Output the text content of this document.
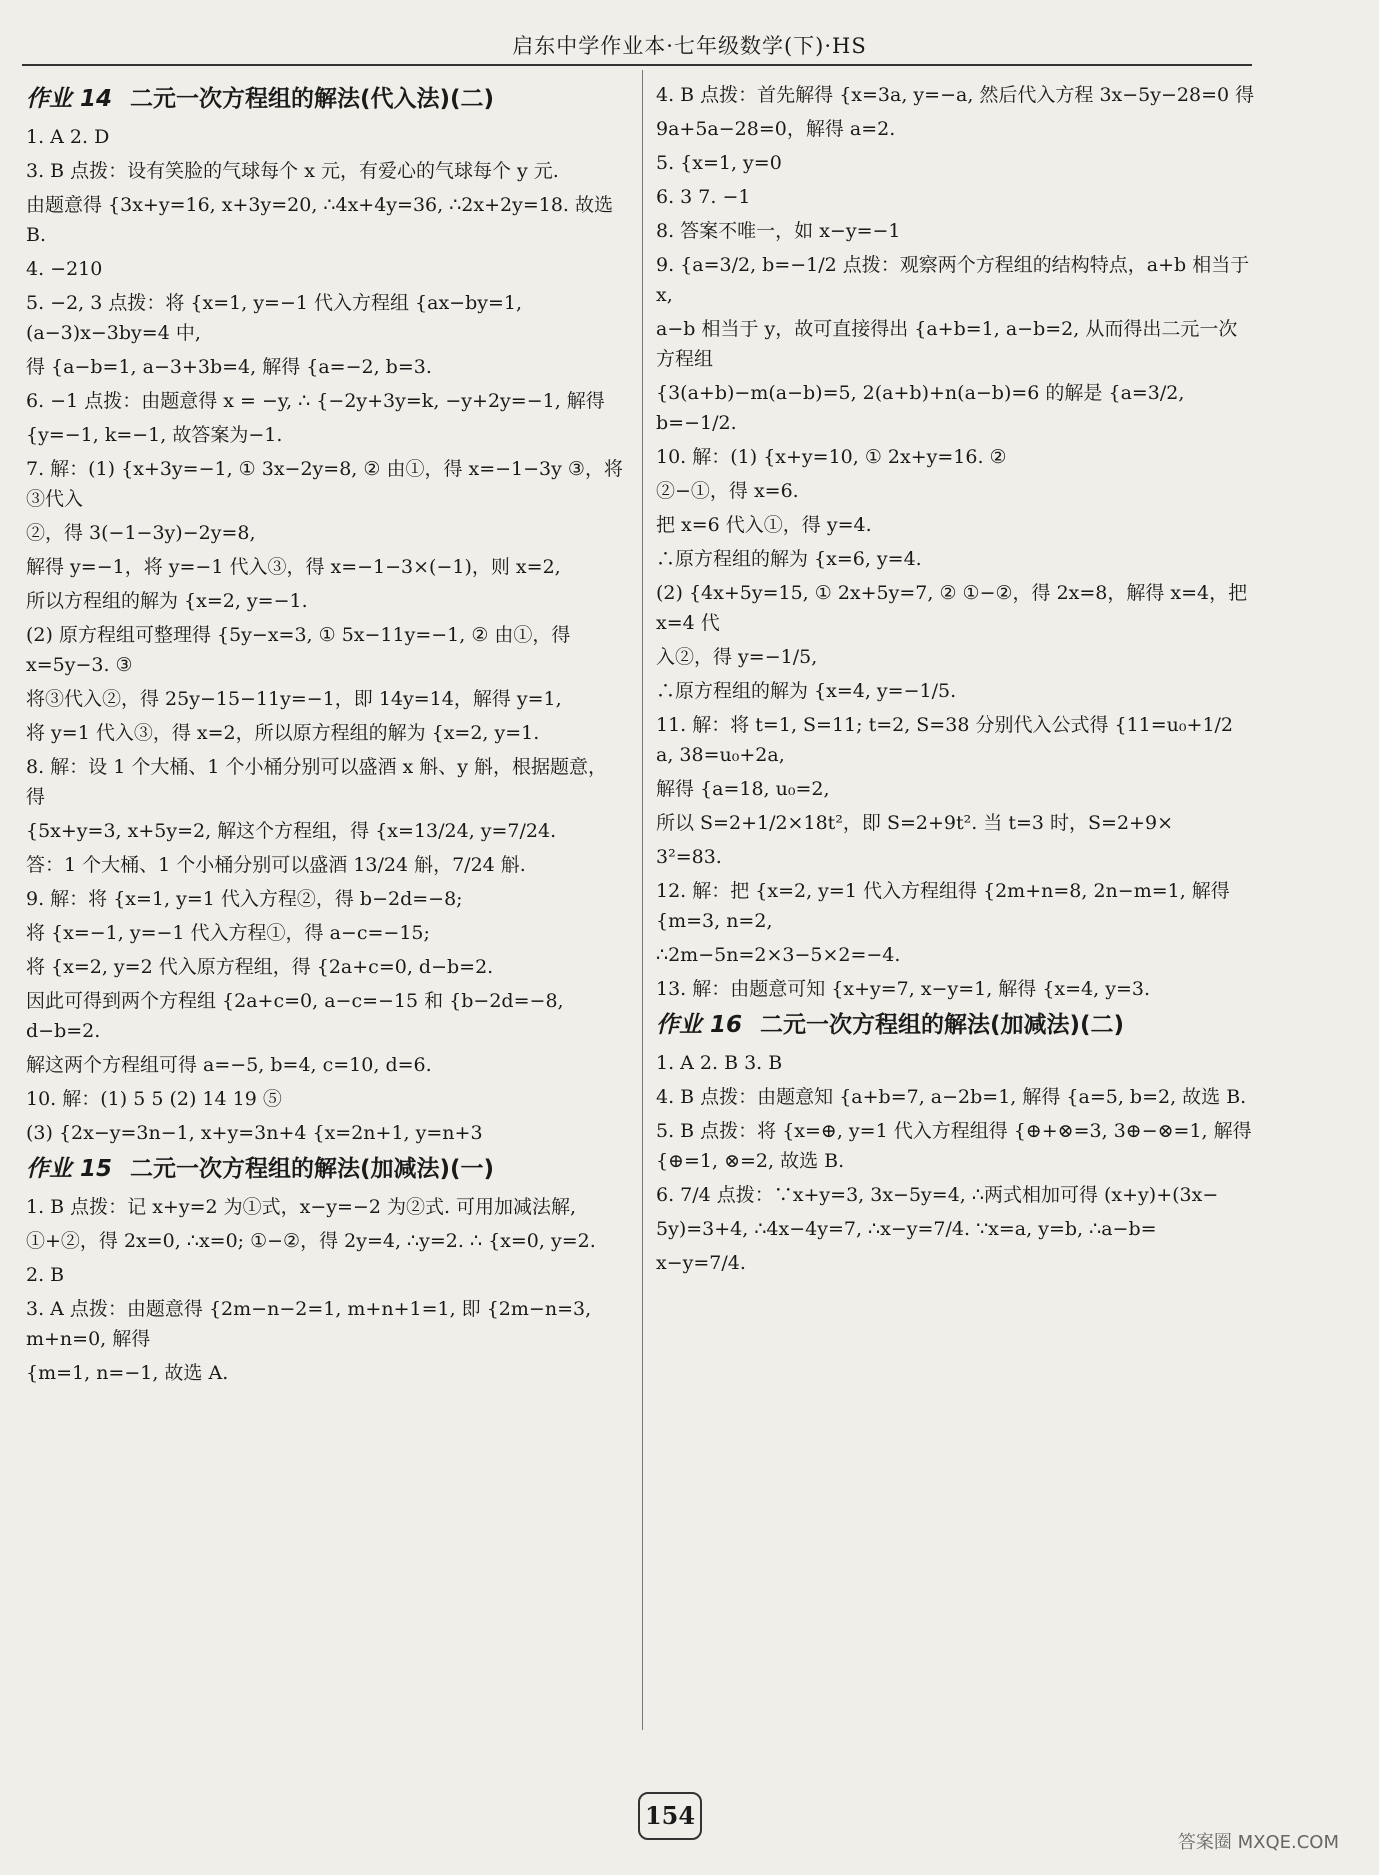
启东中学作业本·七年级数学(下)·HS
作业 14 二元一次方程组的解法(代入法)(二)
1. A 2. D
3. B 点拨：设有笑脸的气球每个 x 元，有爱心的气球每个 y 元.
由题意得 {3x+y=16, x+3y=20, ∴4x+4y=36, ∴2x+2y=18. 故选 B.
4. −210
5. −2, 3 点拨：将 {x=1, y=−1 代入方程组 {ax−by=1, (a−3)x−3by=4 中,
得 {a−b=1, a−3+3b=4, 解得 {a=−2, b=3.
6. −1 点拨：由题意得 x = −y, ∴ {−2y+3y=k, −y+2y=−1, 解得
{y=−1, k=−1, 故答案为−1.
7. 解：(1) {x+3y=−1, ① 3x−2y=8, ② 由①，得 x=−1−3y ③，将③代入
②，得 3(−1−3y)−2y=8,
解得 y=−1，将 y=−1 代入③，得 x=−1−3×(−1)，则 x=2,
所以方程组的解为 {x=2, y=−1.
(2) 原方程组可整理得 {5y−x=3, ① 5x−11y=−1, ② 由①，得 x=5y−3. ③
将③代入②，得 25y−15−11y=−1，即 14y=14，解得 y=1,
将 y=1 代入③，得 x=2，所以原方程组的解为 {x=2, y=1.
8. 解：设 1 个大桶、1 个小桶分别可以盛酒 x 斛、y 斛，根据题意，得
{5x+y=3, x+5y=2, 解这个方程组，得 {x=13/24, y=7/24.
答：1 个大桶、1 个小桶分别可以盛酒 13/24 斛，7/24 斛.
9. 解：将 {x=1, y=1 代入方程②，得 b−2d=−8;
将 {x=−1, y=−1 代入方程①，得 a−c=−15;
将 {x=2, y=2 代入原方程组，得 {2a+c=0, d−b=2.
因此可得到两个方程组 {2a+c=0, a−c=−15 和 {b−2d=−8, d−b=2.
解这两个方程组可得 a=−5, b=4, c=10, d=6.
10. 解：(1) 5 5 (2) 14 19 ⑤
(3) {2x−y=3n−1, x+y=3n+4 {x=2n+1, y=n+3
作业 15 二元一次方程组的解法(加减法)(一)
1. B 点拨：记 x+y=2 为①式，x−y=−2 为②式. 可用加减法解,
①+②，得 2x=0, ∴x=0; ①−②，得 2y=4, ∴y=2. ∴ {x=0, y=2.
2. B
3. A 点拨：由题意得 {2m−n−2=1, m+n+1=1, 即 {2m−n=3, m+n=0, 解得
{m=1, n=−1, 故选 A.
4. B 点拨：首先解得 {x=3a, y=−a, 然后代入方程 3x−5y−28=0 得
9a+5a−28=0，解得 a=2.
5. {x=1, y=0
6. 3 7. −1
8. 答案不唯一，如 x−y=−1
9. {a=3/2, b=−1/2 点拨：观察两个方程组的结构特点，a+b 相当于 x,
a−b 相当于 y，故可直接得出 {a+b=1, a−b=2, 从而得出二元一次方程组
{3(a+b)−m(a−b)=5, 2(a+b)+n(a−b)=6 的解是 {a=3/2, b=−1/2.
10. 解：(1) {x+y=10, ① 2x+y=16. ②
②−①，得 x=6.
把 x=6 代入①，得 y=4.
∴原方程组的解为 {x=6, y=4.
(2) {4x+5y=15, ① 2x+5y=7, ② ①−②，得 2x=8，解得 x=4，把 x=4 代
入②，得 y=−1/5,
∴原方程组的解为 {x=4, y=−1/5.
11. 解：将 t=1, S=11; t=2, S=38 分别代入公式得 {11=u₀+1/2 a, 38=u₀+2a,
解得 {a=18, u₀=2,
所以 S=2+1/2×18t²，即 S=2+9t². 当 t=3 时，S=2+9×
3²=83.
12. 解：把 {x=2, y=1 代入方程组得 {2m+n=8, 2n−m=1, 解得 {m=3, n=2,
∴2m−5n=2×3−5×2=−4.
13. 解：由题意可知 {x+y=7, x−y=1, 解得 {x=4, y=3.
作业 16 二元一次方程组的解法(加减法)(二)
1. A 2. B 3. B
4. B 点拨：由题意知 {a+b=7, a−2b=1, 解得 {a=5, b=2, 故选 B.
5. B 点拨：将 {x=⊕, y=1 代入方程组得 {⊕+⊗=3, 3⊕−⊗=1, 解得 {⊕=1, ⊗=2, 故选 B.
6. 7/4 点拨：∵x+y=3, 3x−5y=4, ∴两式相加可得 (x+y)+(3x−
5y)=3+4, ∴4x−4y=7, ∴x−y=7/4. ∵x=a, y=b, ∴a−b=
x−y=7/4.
154
答案圈 MXQE.COM
